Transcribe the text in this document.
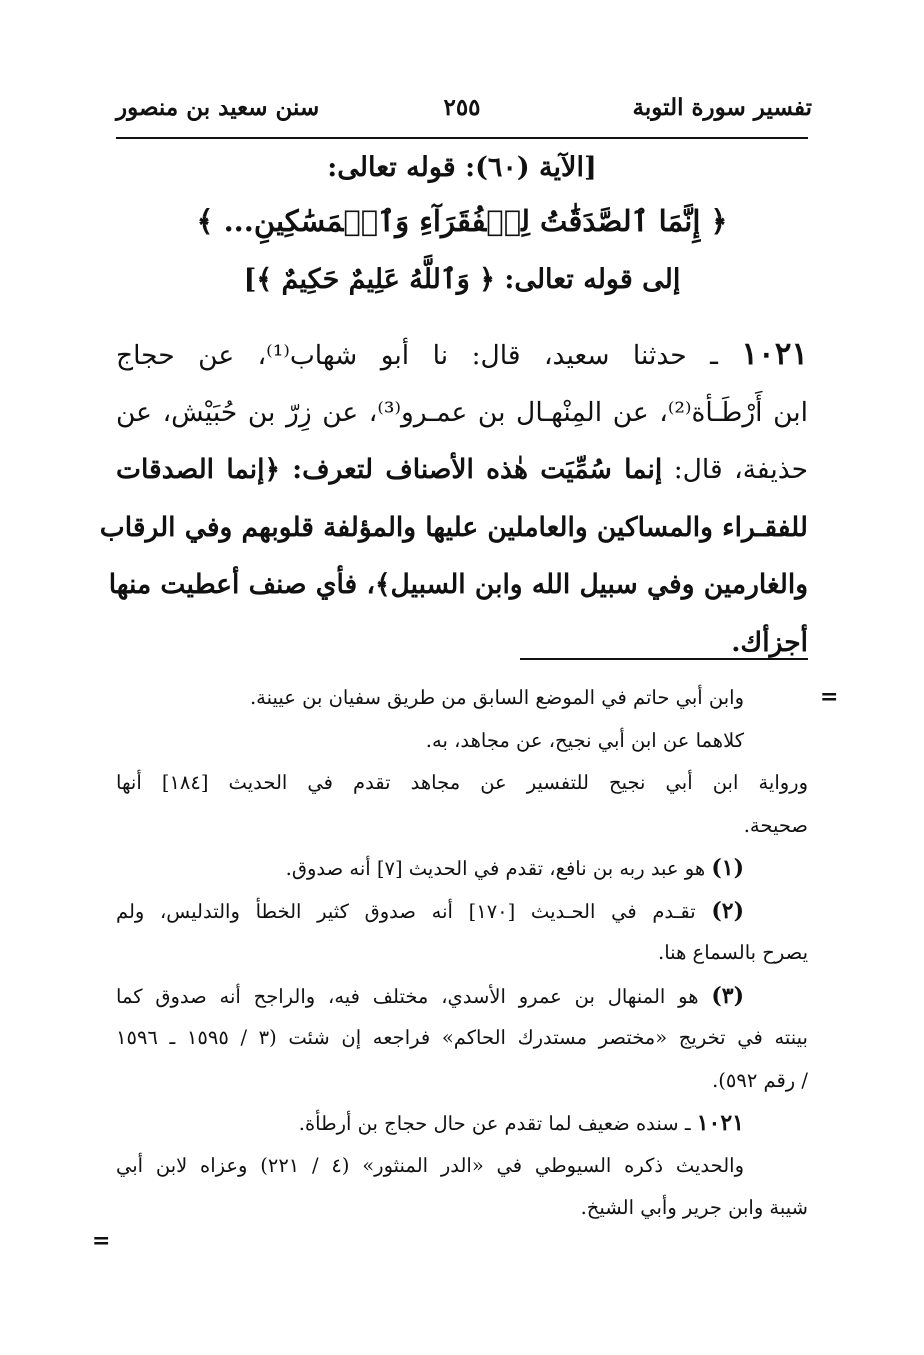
تفسير سورة التوبة
٢٥٥
سنن سعيد بن منصور
[الآية (٦٠): قوله تعالى:
﴿ إِنَّمَا ٱلصَّدَقَٰتُ لِلۡفُقَرَآءِ وَٱلۡمَسَٰكِينِ... ﴾
إلى قوله تعالى: ﴿ وَٱللَّهُ عَلِيمٌ حَكِيمٌ ﴾]
١٠٢١ ـ حدثنا سعيد، قال: نا أبو شهاب⁽¹⁾، عن حجاج
ابن أَرْطَـأة⁽²⁾، عن المِنْهـال بن عمـرو⁽³⁾، عن زِرّ بن حُبَيْش، عن
حذيفة، قال: إنما سُمِّيَت هٰذه الأصناف لتعرف: ﴿إنما الصدقات
للفقـراء والمساكين والعاملين عليها والمؤلفة قلوبهم وفي الرقاب
والغارمين وفي سبيل الله وابن السبيل﴾، فأي صنف أعطيت منها
أجزأك.
=
وابن أبي حاتم في الموضع السابق من طريق سفيان بن عيينة.
كلاهما عن ابن أبي نجيح، عن مجاهد، به.
ورواية ابن أبي نجيح للتفسير عن مجاهد تقدم في الحديث [١٨٤] أنها
صحيحة.
(١) هو عبد ربه بن نافع، تقدم في الحديث [٧] أنه صدوق.
(٢) تقـدم في الحـديث [١٧٠] أنه صدوق كثير الخطأ والتدليس، ولم
يصرح بالسماع هنا.
(٣) هو المنهال بن عمرو الأسدي، مختلف فيه، والراجح أنه صدوق كما
بينته في تخريج «مختصر مستدرك الحاكم» فراجعه إن شئت (٣ / ١٥٩٥ ـ ١٥٩٦
/ رقم ٥٩٢).
١٠٢١ ـ سنده ضعيف لما تقدم عن حال حجاج بن أرطأة.
والحديث ذكره السيوطي في «الدر المنثور» (٤ / ٢٢١) وعزاه لابن أبي
شيبة وابن جرير وأبي الشيخ.
=
